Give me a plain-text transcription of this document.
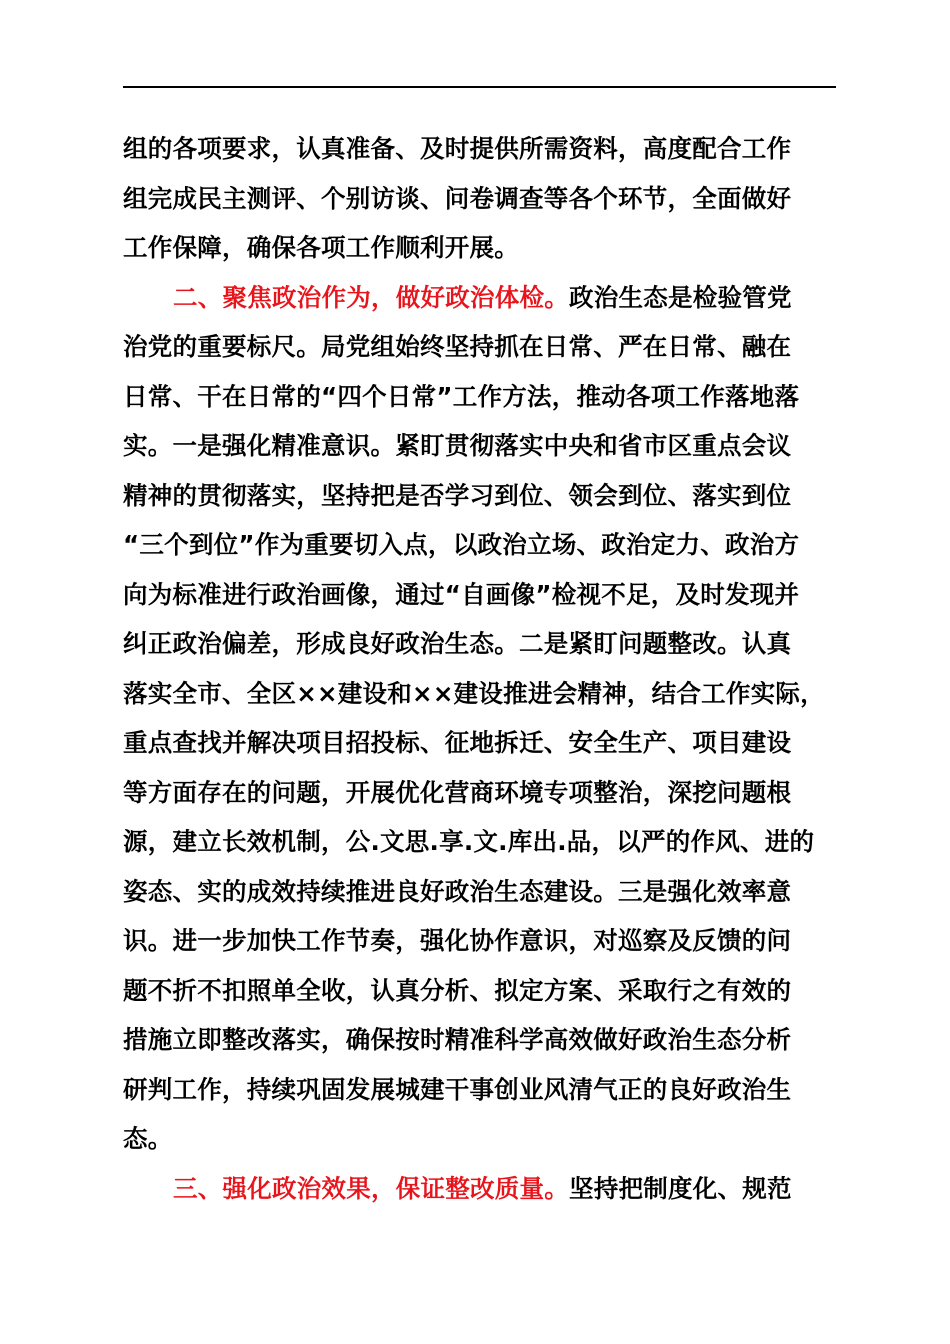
组的各项要求，认真准备、及时提供所需资料，高度配合工作
组完成民主测评、个别访谈、问卷调查等各个环节，全面做好
工作保障，确保各项工作顺利开展。
二、聚焦政治作为，做好政治体检。政治生态是检验管党
治党的重要标尺。局党组始终坚持抓在日常、严在日常、融在
日常、干在日常的“四个日常”工作方法，推动各项工作落地落
实。一是强化精准意识。紧盯贯彻落实中央和省市区重点会议
精神的贯彻落实，坚持把是否学习到位、领会到位、落实到位
“三个到位”作为重要切入点，以政治立场、政治定力、政治方
向为标准进行政治画像，通过“自画像”检视不足，及时发现并
纠正政治偏差，形成良好政治生态。二是紧盯问题整改。认真
落实全市、全区××建设和××建设推进会精神，结合工作实际，
重点查找并解决项目招投标、征地拆迁、安全生产、项目建设
等方面存在的问题，开展优化营商环境专项整治，深挖问题根
源，建立长效机制，公.文思.享.文.库出.品，以严的作风、进的
姿态、实的成效持续推进良好政治生态建设。三是强化效率意
识。进一步加快工作节奏，强化协作意识，对巡察及反馈的问
题不折不扣照单全收，认真分析、拟定方案、采取行之有效的
措施立即整改落实，确保按时精准科学高效做好政治生态分析
研判工作，持续巩固发展城建干事创业风清气正的良好政治生
态。
三、强化政治效果，保证整改质量。坚持把制度化、规范
